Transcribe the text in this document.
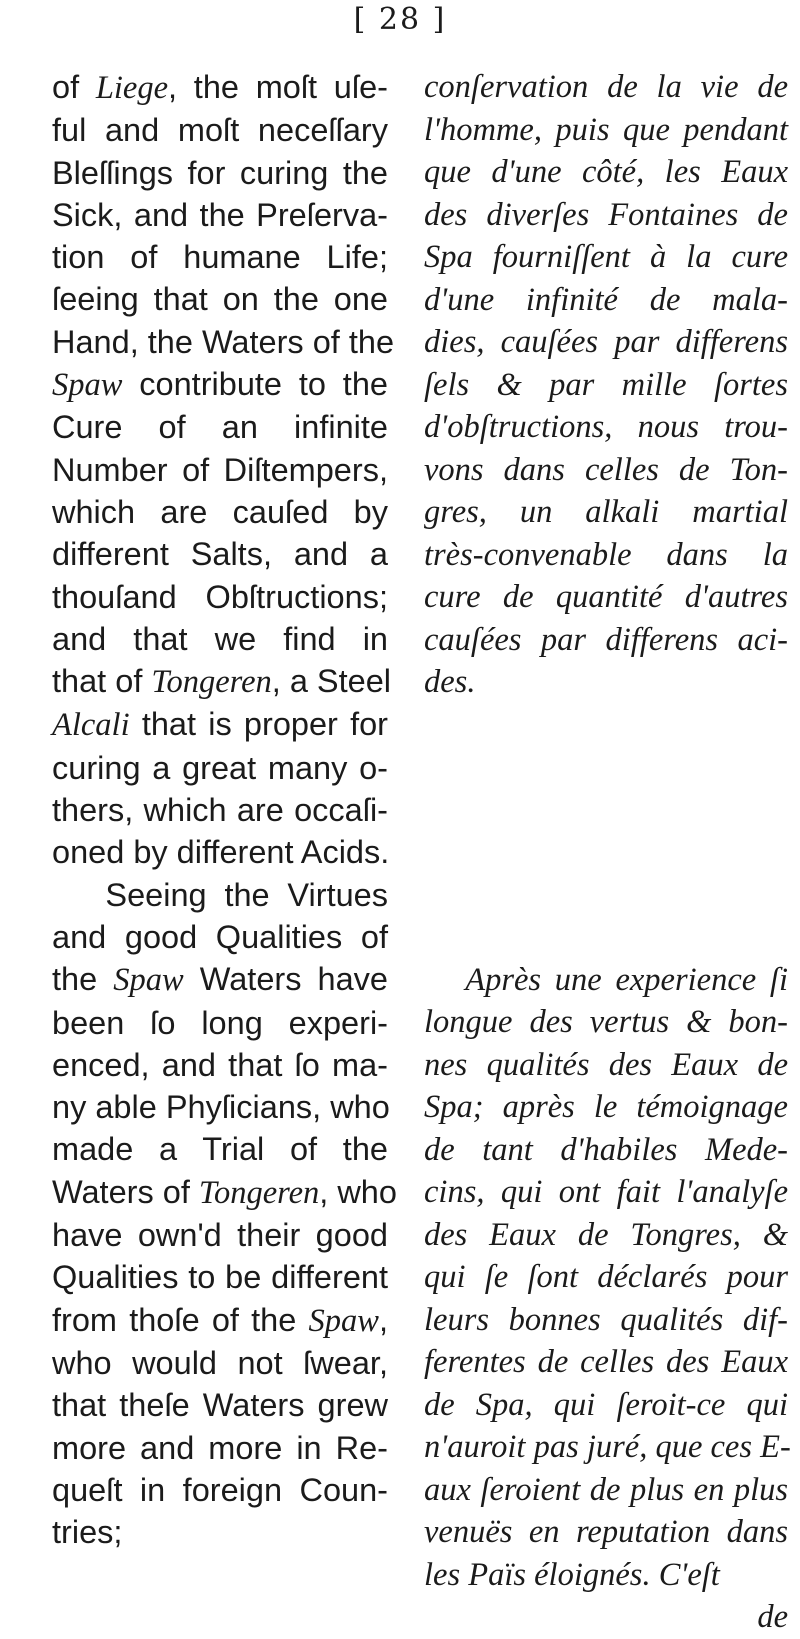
[ 28 ]
of Liege, the moſt uſe-
ful and moſt neceſſary
Bleſſings for curing the
Sick, and the Preſerva-
tion of humane Life;
ſeeing that on the one
Hand, the Waters of the
Spaw contribute to the
Cure of an infinite
Number of Diſtempers,
which are cauſed by
different Salts, and a
thouſand Obſtructions;
and that we find in
that of Tongeren, a Steel
Alcali that is proper for
curing a great many o-
thers, which are occaſi-
oned by different Acids.
Seeing the Virtues
and good Qualities of
the Spaw Waters have
been ſo long experi-
enced, and that ſo ma-
ny able Phyſicians, who
made a Trial of the
Waters of Tongeren, who
have own'd their good
Qualities to be different
from thoſe of the Spaw,
who would not ſwear,
that theſe Waters grew
more and more in Re-
queſt in foreign Coun-
tries;
conſervation de la vie de
l'homme, puis que pendant
que d'une côté, les Eaux
des diverſes Fontaines de
Spa fourniſſent à la cure
d'une infinité de mala-
dies, cauſées par differens
ſels & par mille ſortes
d'obſtructions, nous trou-
vons dans celles de Ton-
gres, un alkali martial
très-convenable dans la
cure de quantité d'autres
cauſées par differens aci-
des.
Après une experience ſi
longue des vertus & bon-
nes qualités des Eaux de
Spa; après le témoignage
de tant d'habiles Mede-
cins, qui ont fait l'analyſe
des Eaux de Tongres, &
qui ſe ſont déclarés pour
leurs bonnes qualités dif-
ferentes de celles des Eaux
de Spa, qui ſeroit-ce qui
n'auroit pas juré, que ces E-
aux ſeroient de plus en plus
venuës en reputation dans
les Païs éloignés. C'eſt
de
